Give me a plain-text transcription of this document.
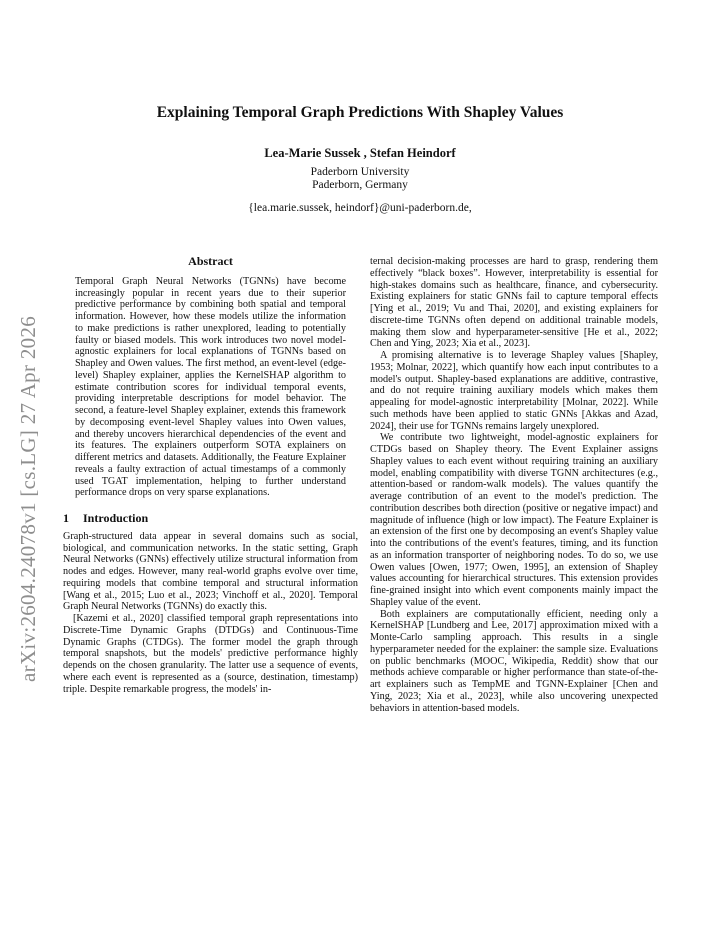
arXiv:2604.24078v1 [cs.LG] 27 Apr 2026
Explaining Temporal Graph Predictions With Shapley Values
Lea-Marie Sussek , Stefan Heindorf
Paderborn University
Paderborn, Germany
{lea.marie.sussek, heindorf}@uni-paderborn.de,
Abstract

Temporal Graph Neural Networks (TGNNs) have become increasingly popular in recent years due to their superior predictive performance by combining both spatial and temporal information. However, how these models utilize the information to make predictions is rather unexplored, leading to potentially faulty or biased models. This work introduces two novel model-agnostic explainers for local explanations of TGNNs based on Shapley and Owen values. The first method, an event-level (edge-level) Shapley explainer, applies the KernelSHAP algorithm to estimate contribution scores for individual temporal events, providing interpretable descriptions for model behavior. The second, a feature-level Shapley explainer, extends this framework by decomposing event-level Shapley values into Owen values, and thereby uncovers hierarchical dependencies of the event and its features. The explainers outperform SOTA explainers on different metrics and datasets. Additionally, the Feature Explainer reveals a faulty extraction of actual timestamps of a commonly used TGAT implementation, helping to further understand performance drops on very sparse explanations.

1 Introduction

Graph-structured data appear in several domains such as social, biological, and communication networks. In the static setting, Graph Neural Networks (GNNs) effectively utilize structural information from nodes and edges. However, many real-world graphs evolve over time, requiring models that combine temporal and structural information [Wang et al., 2015; Luo et al., 2023; Vinchoff et al., 2020]. Temporal Graph Neural Networks (TGNNs) do exactly this.

[Kazemi et al., 2020] classified temporal graph representations into Discrete-Time Dynamic Graphs (DTDGs) and Continuous-Time Dynamic Graphs (CTDGs). The former model the graph through temporal snapshots, but the models' predictive performance highly depends on the chosen granularity. The latter use a sequence of events, where each event is represented as a (source, destination, timestamp) triple. Despite remarkable progress, the models' in-

ternal decision-making processes are hard to grasp, rendering them effectively “black boxes”. However, interpretability is essential for high-stakes domains such as healthcare, finance, and cybersecurity. Existing explainers for static GNNs fail to capture temporal effects [Ying et al., 2019; Vu and Thai, 2020], and existing explainers for discrete-time TGNNs often depend on additional trainable models, making them slow and hyperparameter-sensitive [He et al., 2022; Chen and Ying, 2023; Xia et al., 2023].

A promising alternative is to leverage Shapley values [Shapley, 1953; Molnar, 2022], which quantify how each input contributes to a model's output. Shapley-based explanations are additive, contrastive, and do not require training auxiliary models which makes them appealing for model-agnostic interpretability [Molnar, 2022]. While such methods have been applied to static GNNs [Akkas and Azad, 2024], their use for TGNNs remains largely unexplored.

We contribute two lightweight, model-agnostic explainers for CTDGs based on Shapley theory. The Event Explainer assigns Shapley values to each event without requiring training an auxiliary model, enabling compatibility with diverse TGNN architectures (e.g., attention-based or random-walk models). The values quantify the average contribution of an event to the model's prediction. The contribution describes both direction (positive or negative impact) and magnitude of influence (high or low impact). The Feature Explainer is an extension of the first one by decomposing an event's Shapley value into the contributions of the event's features, timing, and its function as an information transporter of neighboring nodes. To do so, we use Owen values [Owen, 1977; Owen, 1995], an extension of Shapley values accounting for hierarchical structures. This extension provides fine-grained insight into which event components mainly impact the Shapley value of the event.

Both explainers are computationally efficient, needing only a KernelSHAP [Lundberg and Lee, 2017] approximation mixed with a Monte-Carlo sampling approach. This results in a single hyperparameter needed for the explainer: the sample size. Evaluations on public benchmarks (MOOC, Wikipedia, Reddit) show that our methods achieve comparable or higher performance than state-of-the-art explainers such as TempME and TGNN-Explainer [Chen and Ying, 2023; Xia et al., 2023], while also uncovering unexpected behaviors in attention-based models.
